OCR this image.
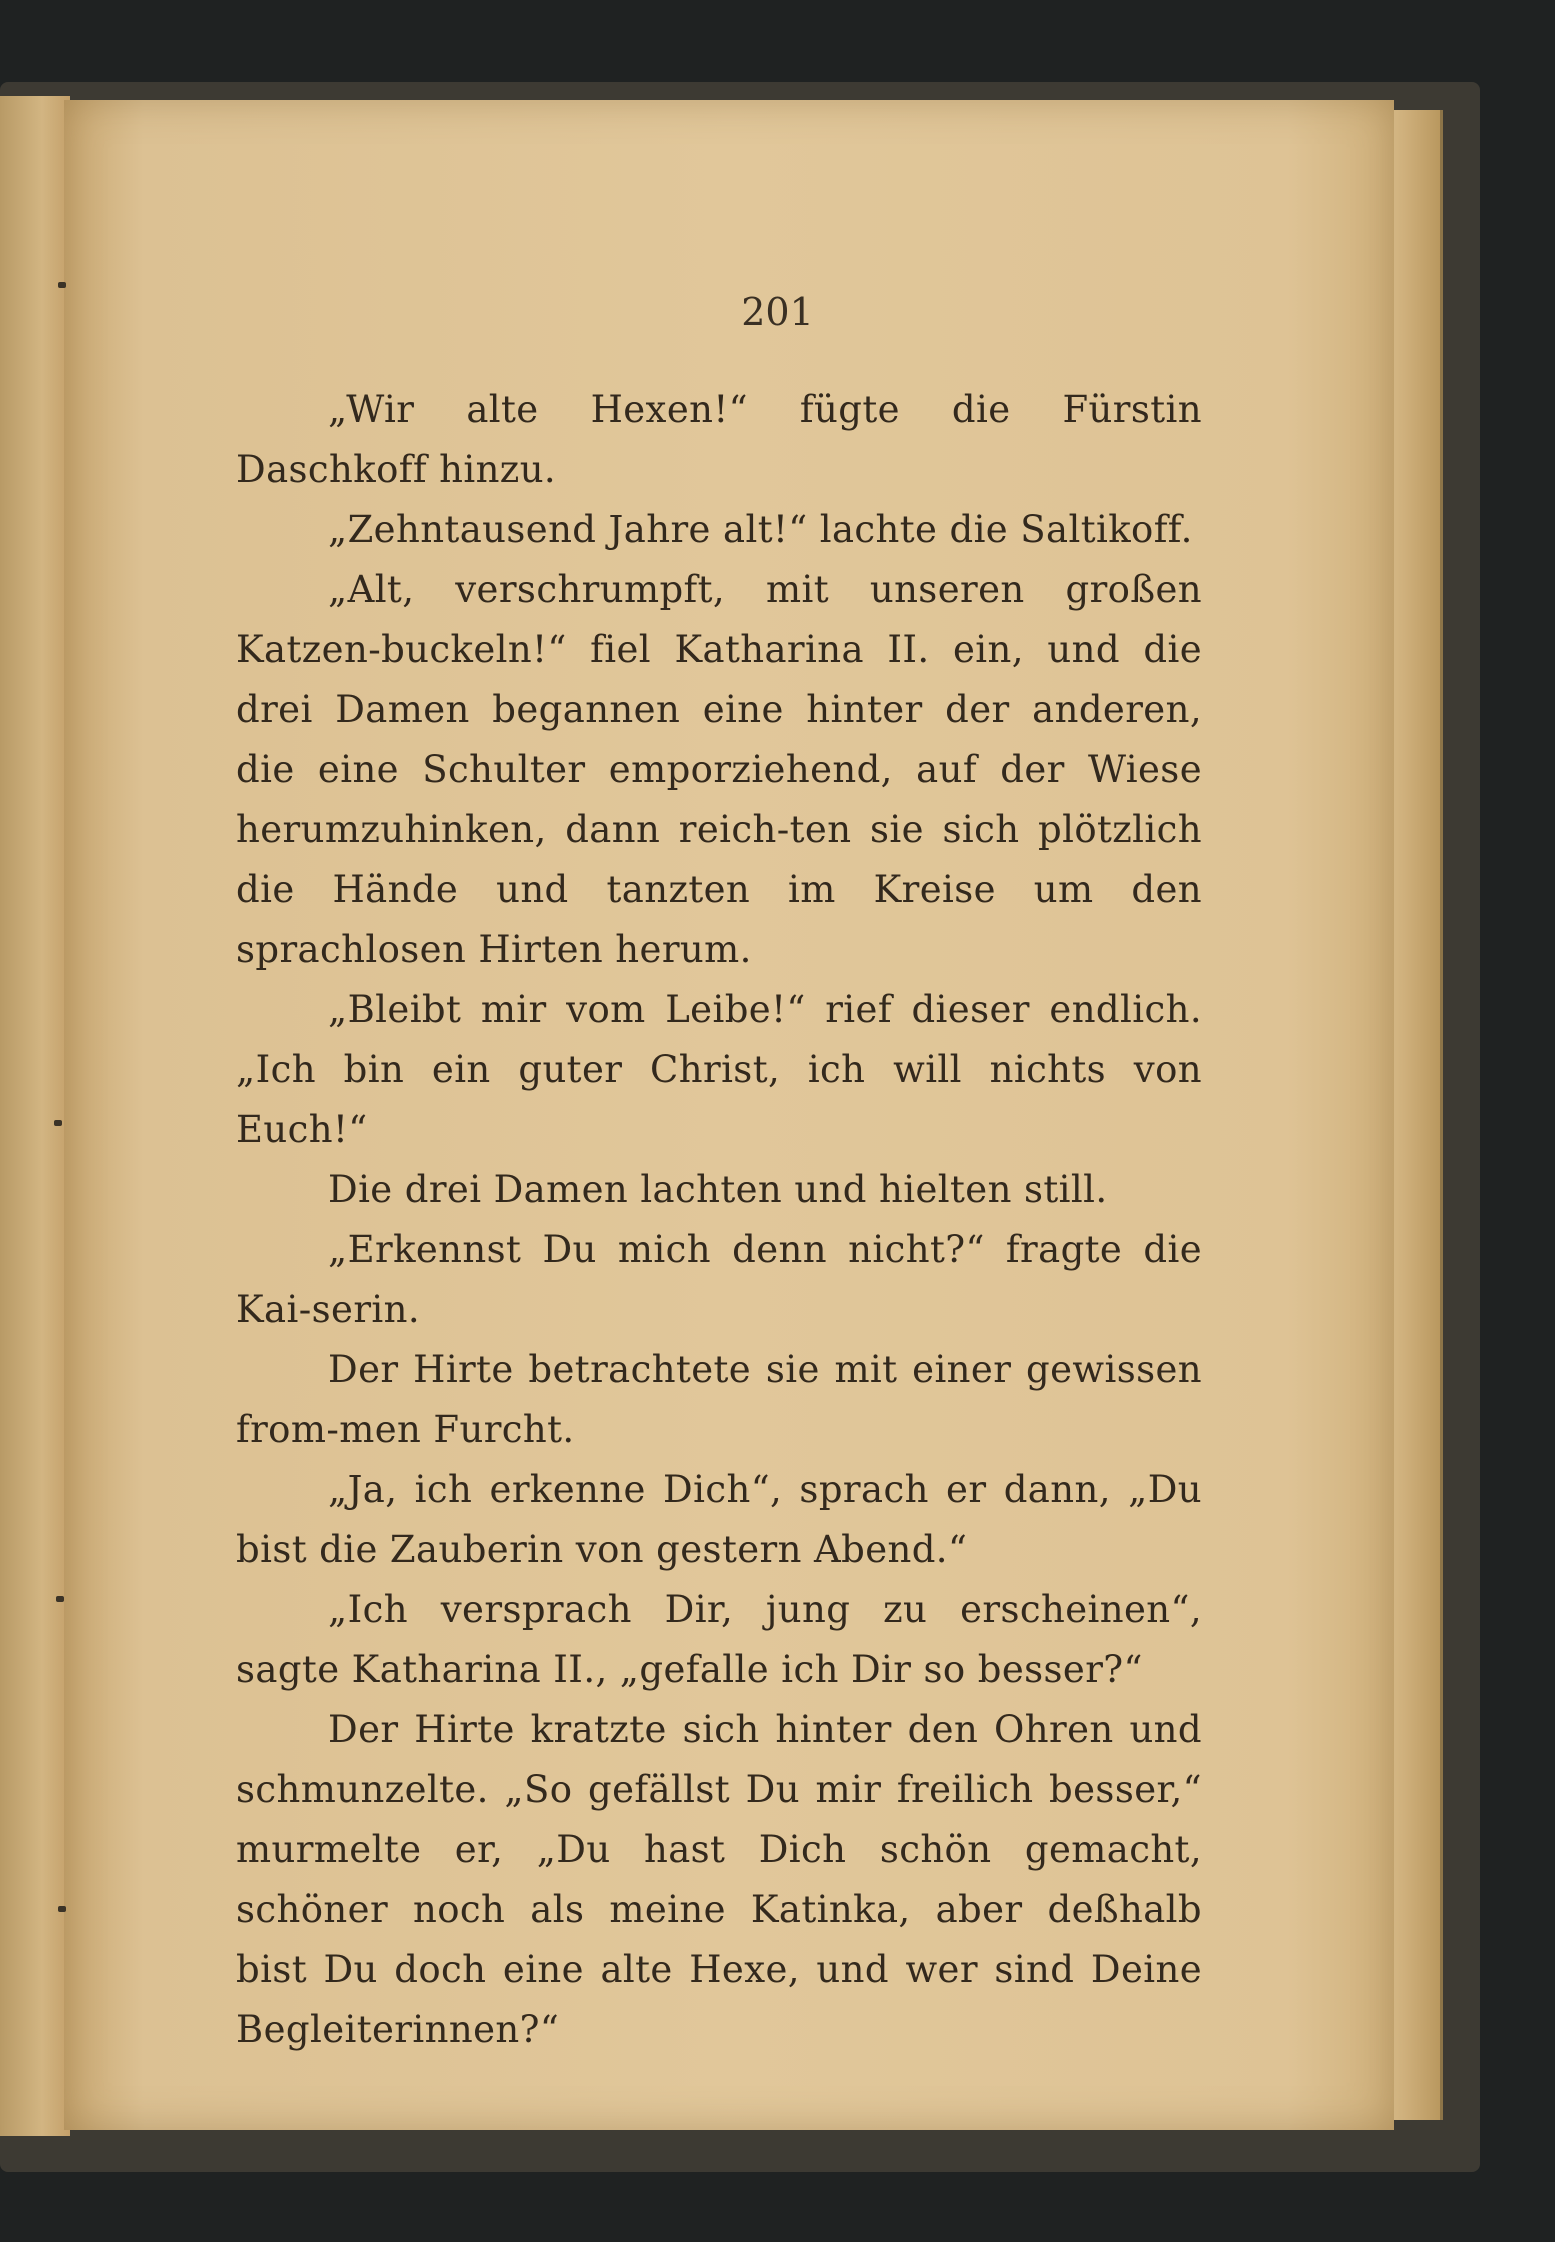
201

„Wir alte Hexen!“ fügte die Fürstin Daschkoff hinzu.

„Zehntausend Jahre alt!“ lachte die Saltikoff.

„Alt, verschrumpft, mit unseren großen Katzen-buckeln!“ fiel Katharina II. ein, und die drei Damen begannen eine hinter der anderen, die eine Schulter emporziehend, auf der Wiese herumzuhinken, dann reich-ten sie sich plötzlich die Hände und tanzten im Kreise um den sprachlosen Hirten herum.

„Bleibt mir vom Leibe!“ rief dieser endlich. „Ich bin ein guter Christ, ich will nichts von Euch!“

Die drei Damen lachten und hielten still.

„Erkennst Du mich denn nicht?“ fragte die Kai-serin.

Der Hirte betrachtete sie mit einer gewissen from-men Furcht.

„Ja, ich erkenne Dich“, sprach er dann, „Du bist die Zauberin von gestern Abend.“

„Ich versprach Dir, jung zu erscheinen“, sagte Katharina II., „gefalle ich Dir so besser?“

Der Hirte kratzte sich hinter den Ohren und schmunzelte. „So gefällst Du mir freilich besser,“ murmelte er, „Du hast Dich schön gemacht, schöner noch als meine Katinka, aber deßhalb bist Du doch eine alte Hexe, und wer sind Deine Begleiterinnen?“
